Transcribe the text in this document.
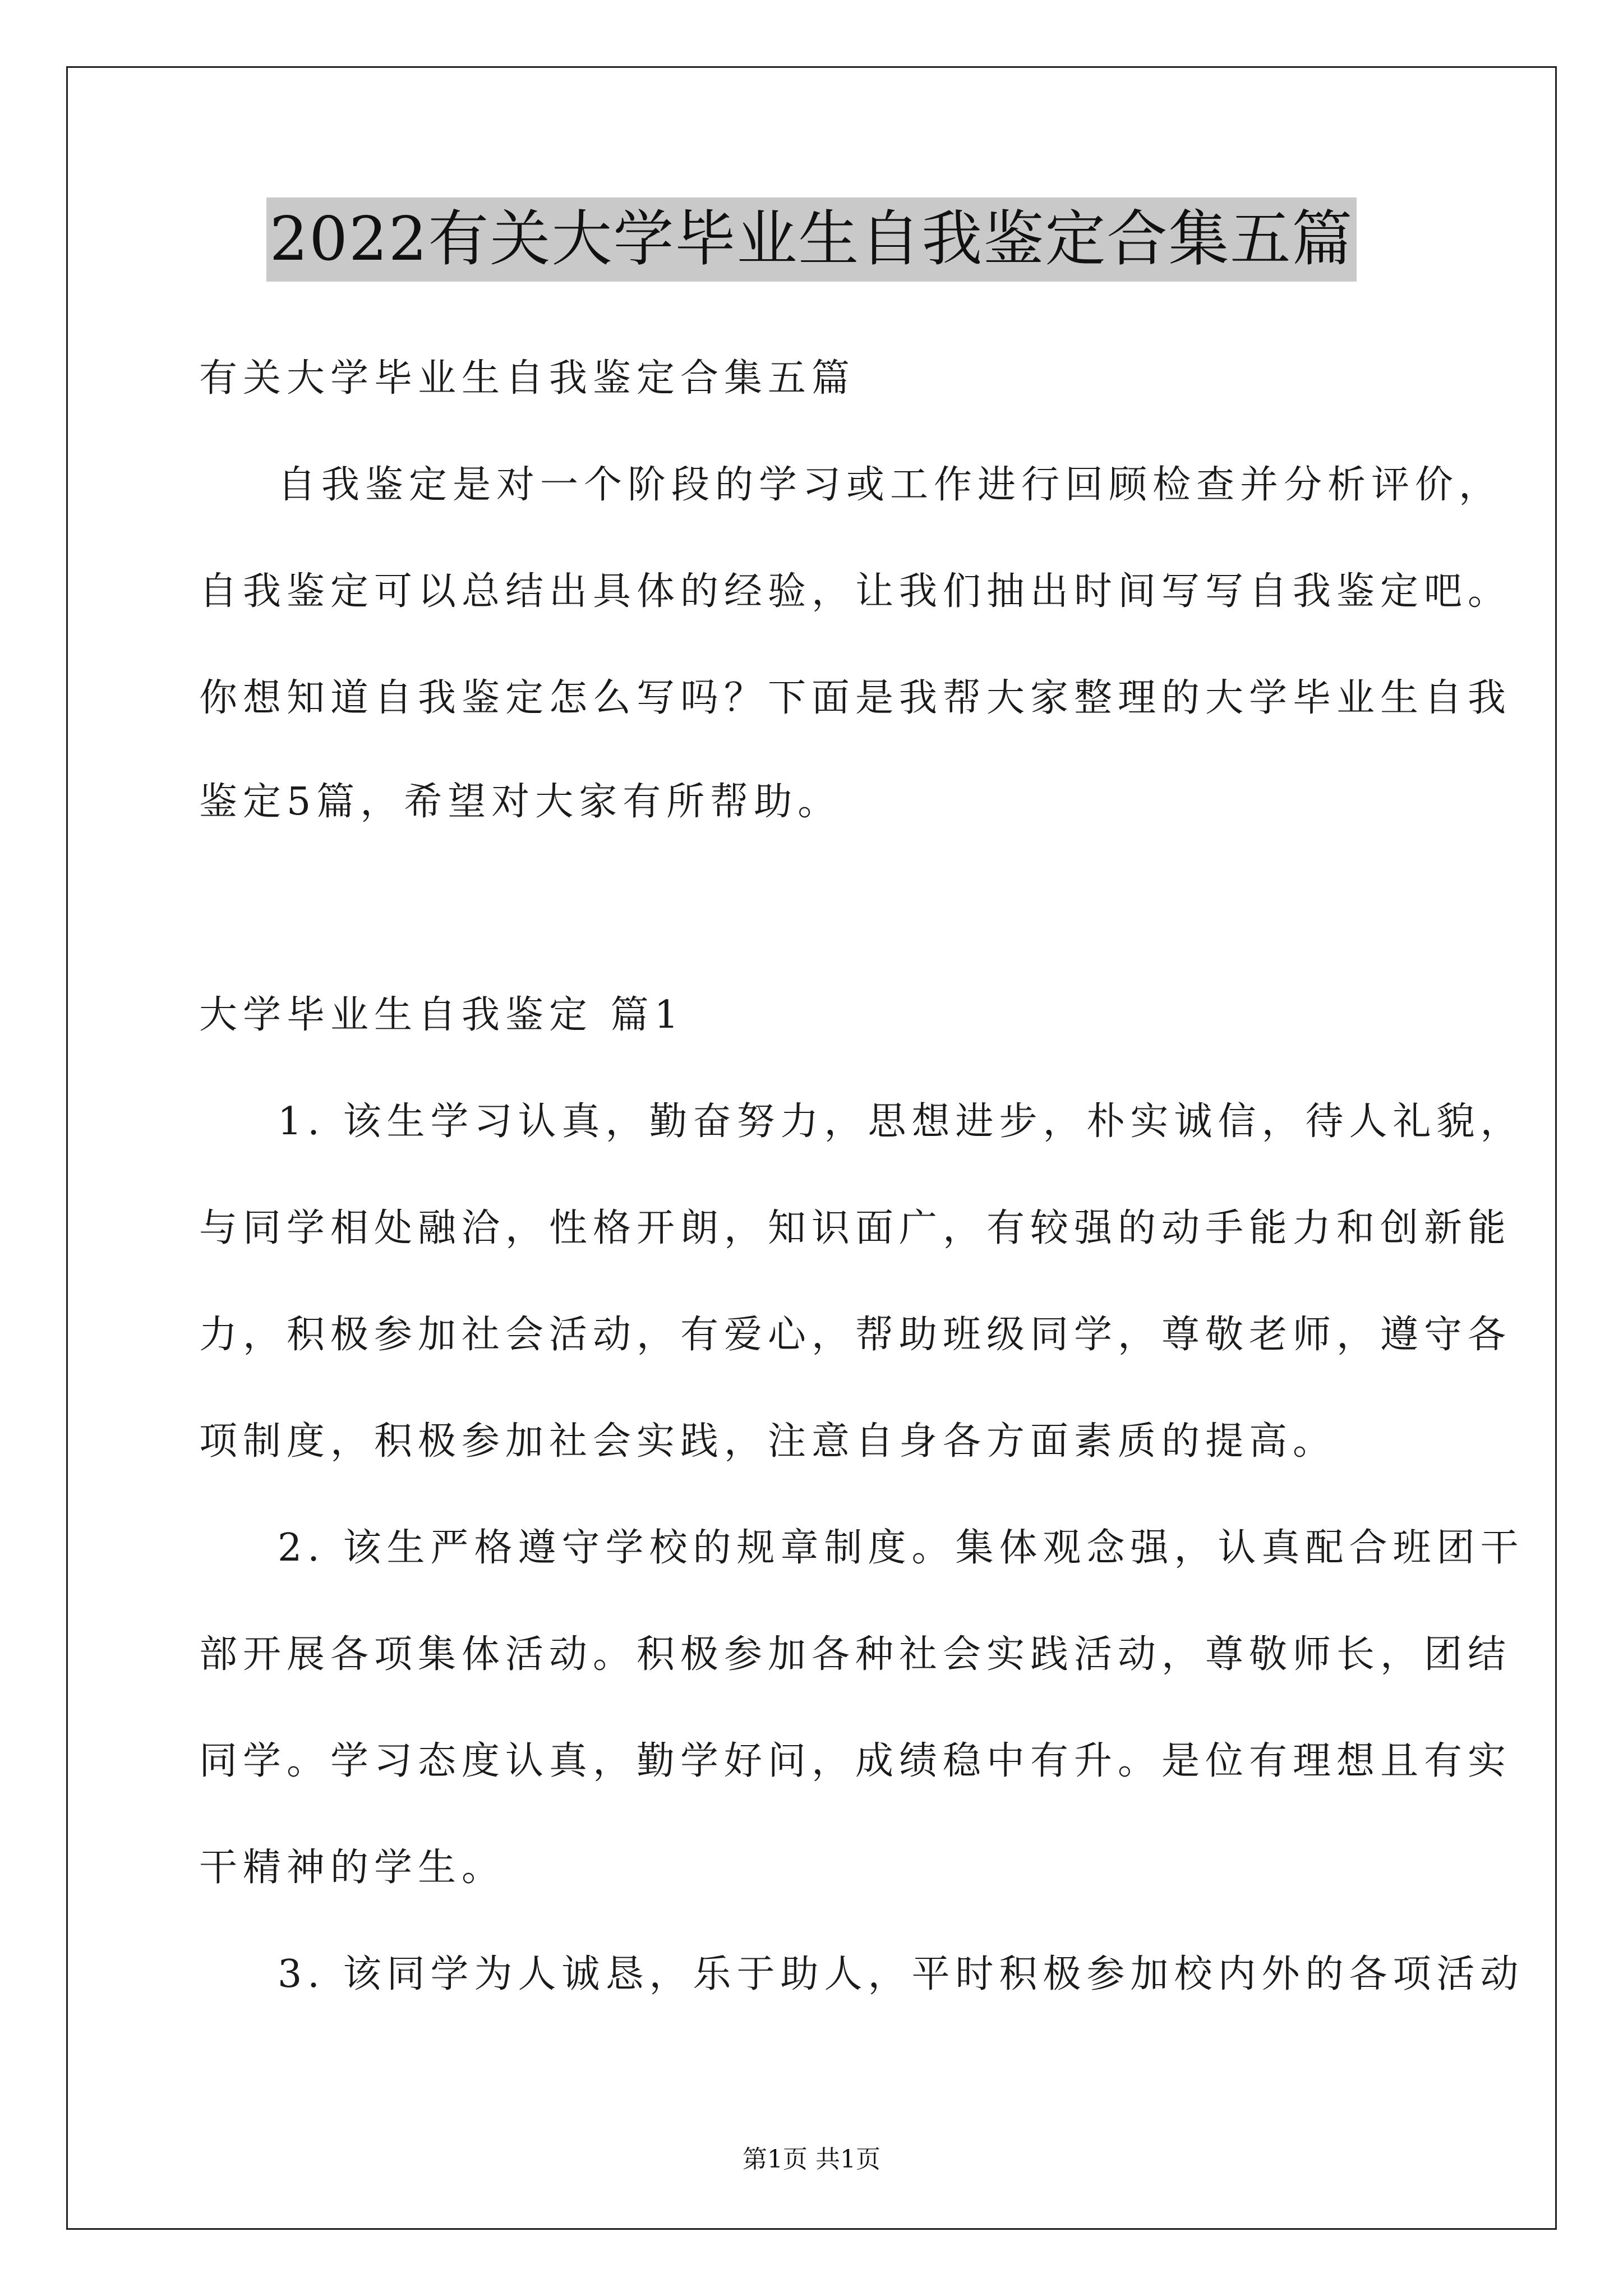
2022有关大学毕业生自我鉴定合集五篇
有关大学毕业生自我鉴定合集五篇
自我鉴定是对一个阶段的学习或工作进行回顾检查并分析评价，
自我鉴定可以总结出具体的经验，让我们抽出时间写写自我鉴定吧。
你想知道自我鉴定怎么写吗？下面是我帮大家整理的大学毕业生自我
鉴定5篇，希望对大家有所帮助。
大学毕业生自我鉴定 篇1
1. 该生学习认真，勤奋努力，思想进步，朴实诚信，待人礼貌，
与同学相处融洽，性格开朗，知识面广，有较强的动手能力和创新能
力，积极参加社会活动，有爱心，帮助班级同学，尊敬老师，遵守各
项制度，积极参加社会实践，注意自身各方面素质的提高。
2. 该生严格遵守学校的规章制度。集体观念强，认真配合班团干
部开展各项集体活动。积极参加各种社会实践活动，尊敬师长，团结
同学。学习态度认真，勤学好问，成绩稳中有升。是位有理想且有实
干精神的学生。
3. 该同学为人诚恳，乐于助人，平时积极参加校内外的各项活动
第1页 共1页
